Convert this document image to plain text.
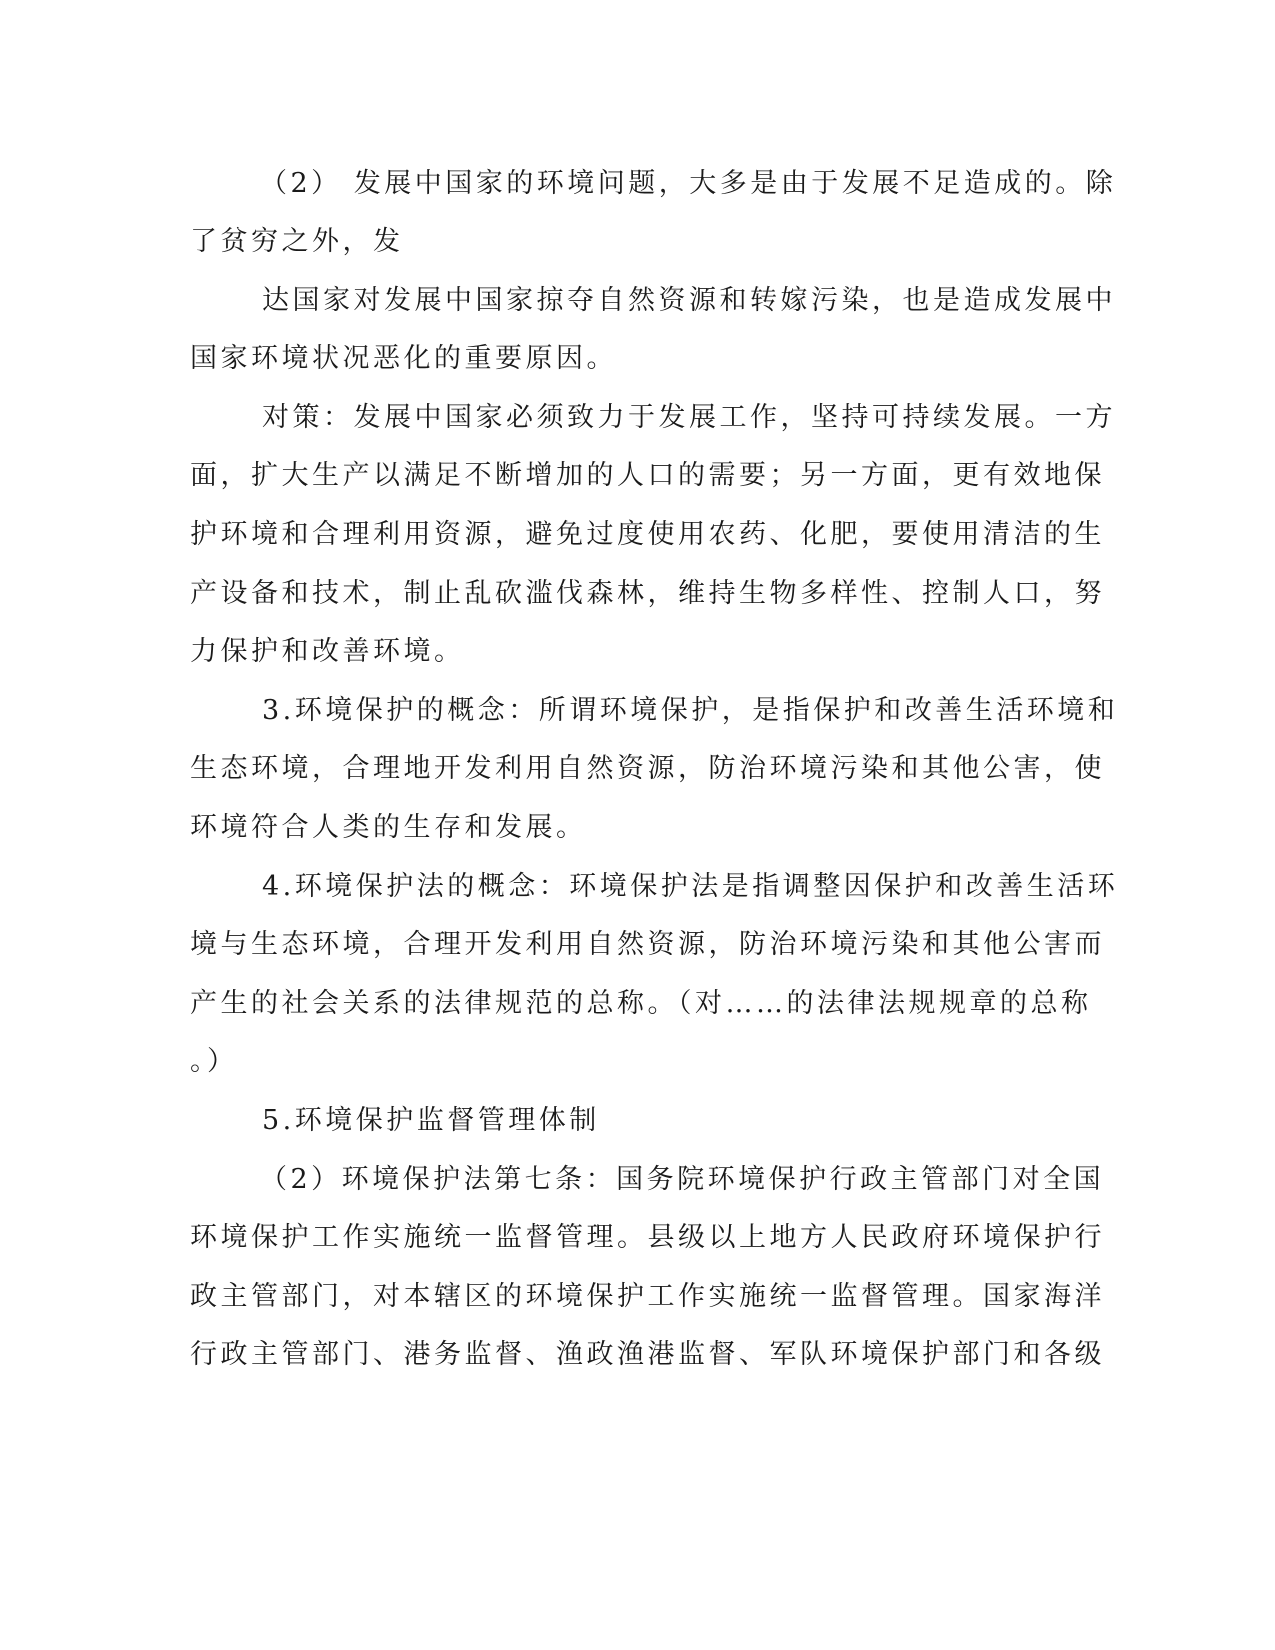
（2） 发展中国家的环境问题，大多是由于发展不足造成的。除
了贫穷之外，发
达国家对发展中国家掠夺自然资源和转嫁污染，也是造成发展中
国家环境状况恶化的重要原因。
对策：发展中国家必须致力于发展工作，坚持可持续发展。一方
面，扩大生产以满足不断增加的人口的需要；另一方面，更有效地保
护环境和合理利用资源，避免过度使用农药、化肥，要使用清洁的生
产设备和技术，制止乱砍滥伐森林，维持生物多样性、控制人口，努
力保护和改善环境。
3.环境保护的概念：所谓环境保护，是指保护和改善生活环境和
生态环境，合理地开发利用自然资源，防治环境污染和其他公害，使
环境符合人类的生存和发展。
4.环境保护法的概念：环境保护法是指调整因保护和改善生活环
境与生态环境，合理开发利用自然资源，防治环境污染和其他公害而
产生的社会关系的法律规范的总称。（对……的法律法规规章的总称
。）
5.环境保护监督管理体制
（2）环境保护法第七条：国务院环境保护行政主管部门对全国
环境保护工作实施统一监督管理。县级以上地方人民政府环境保护行
政主管部门，对本辖区的环境保护工作实施统一监督管理。国家海洋
行政主管部门、港务监督、渔政渔港监督、军队环境保护部门和各级
